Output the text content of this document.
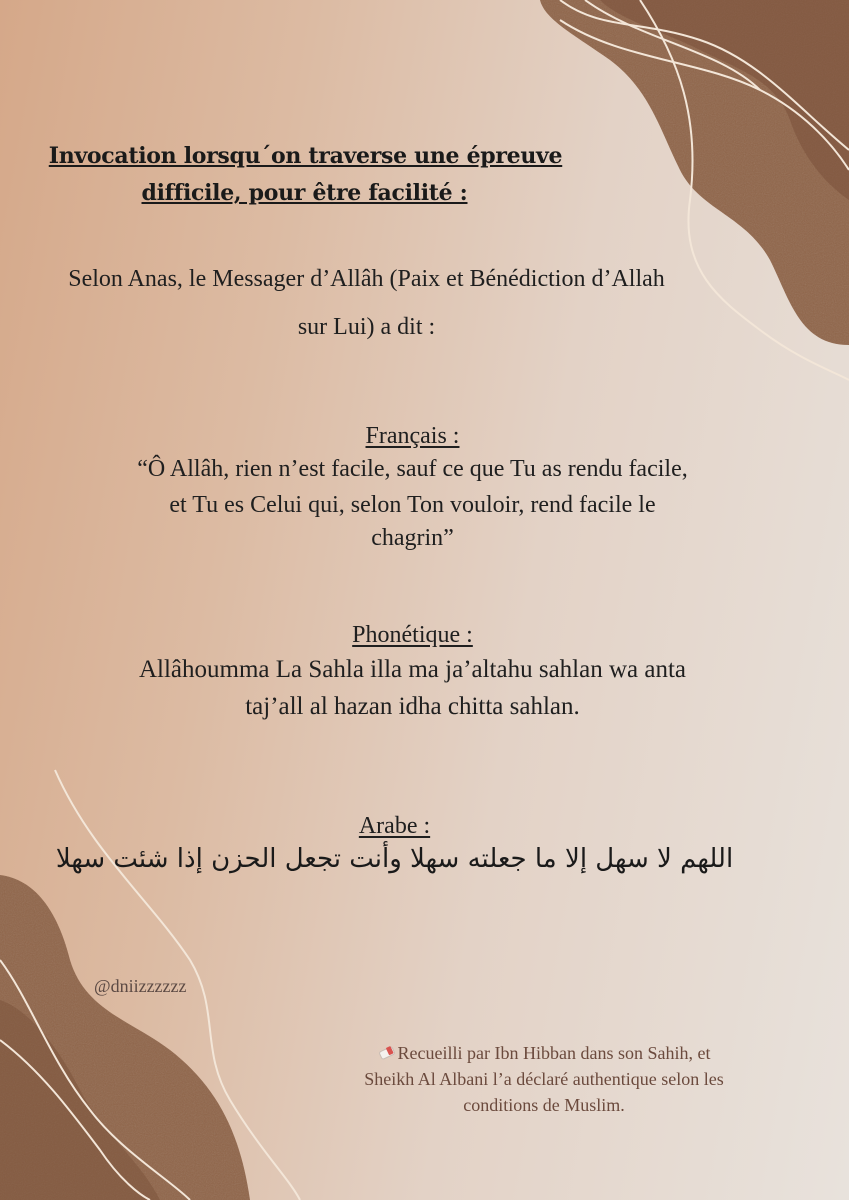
Invocation lorsqu´on traverse une épreuve
difficile, pour être facilité :
Selon Anas, le Messager d’Allâh (Paix et Bénédiction d’Allah
sur Lui) a dit :
Français :
“Ô Allâh, rien n’est facile, sauf ce que Tu as rendu facile,
et Tu es Celui qui, selon Ton vouloir, rend facile le
chagrin”
Phonétique :
Allâhoumma La Sahla illa ma ja’altahu sahlan wa anta
taj’all al hazan idha chitta sahlan.
Arabe :
اللهم لا سهل إلا ما جعلته سهلا وأنت تجعل الحزن إذا شئت سهلا
@dniizzzzzz
Recueilli par Ibn Hibban dans son Sahih, et
Sheikh Al Albani l’a déclaré authentique selon les
conditions de Muslim.
